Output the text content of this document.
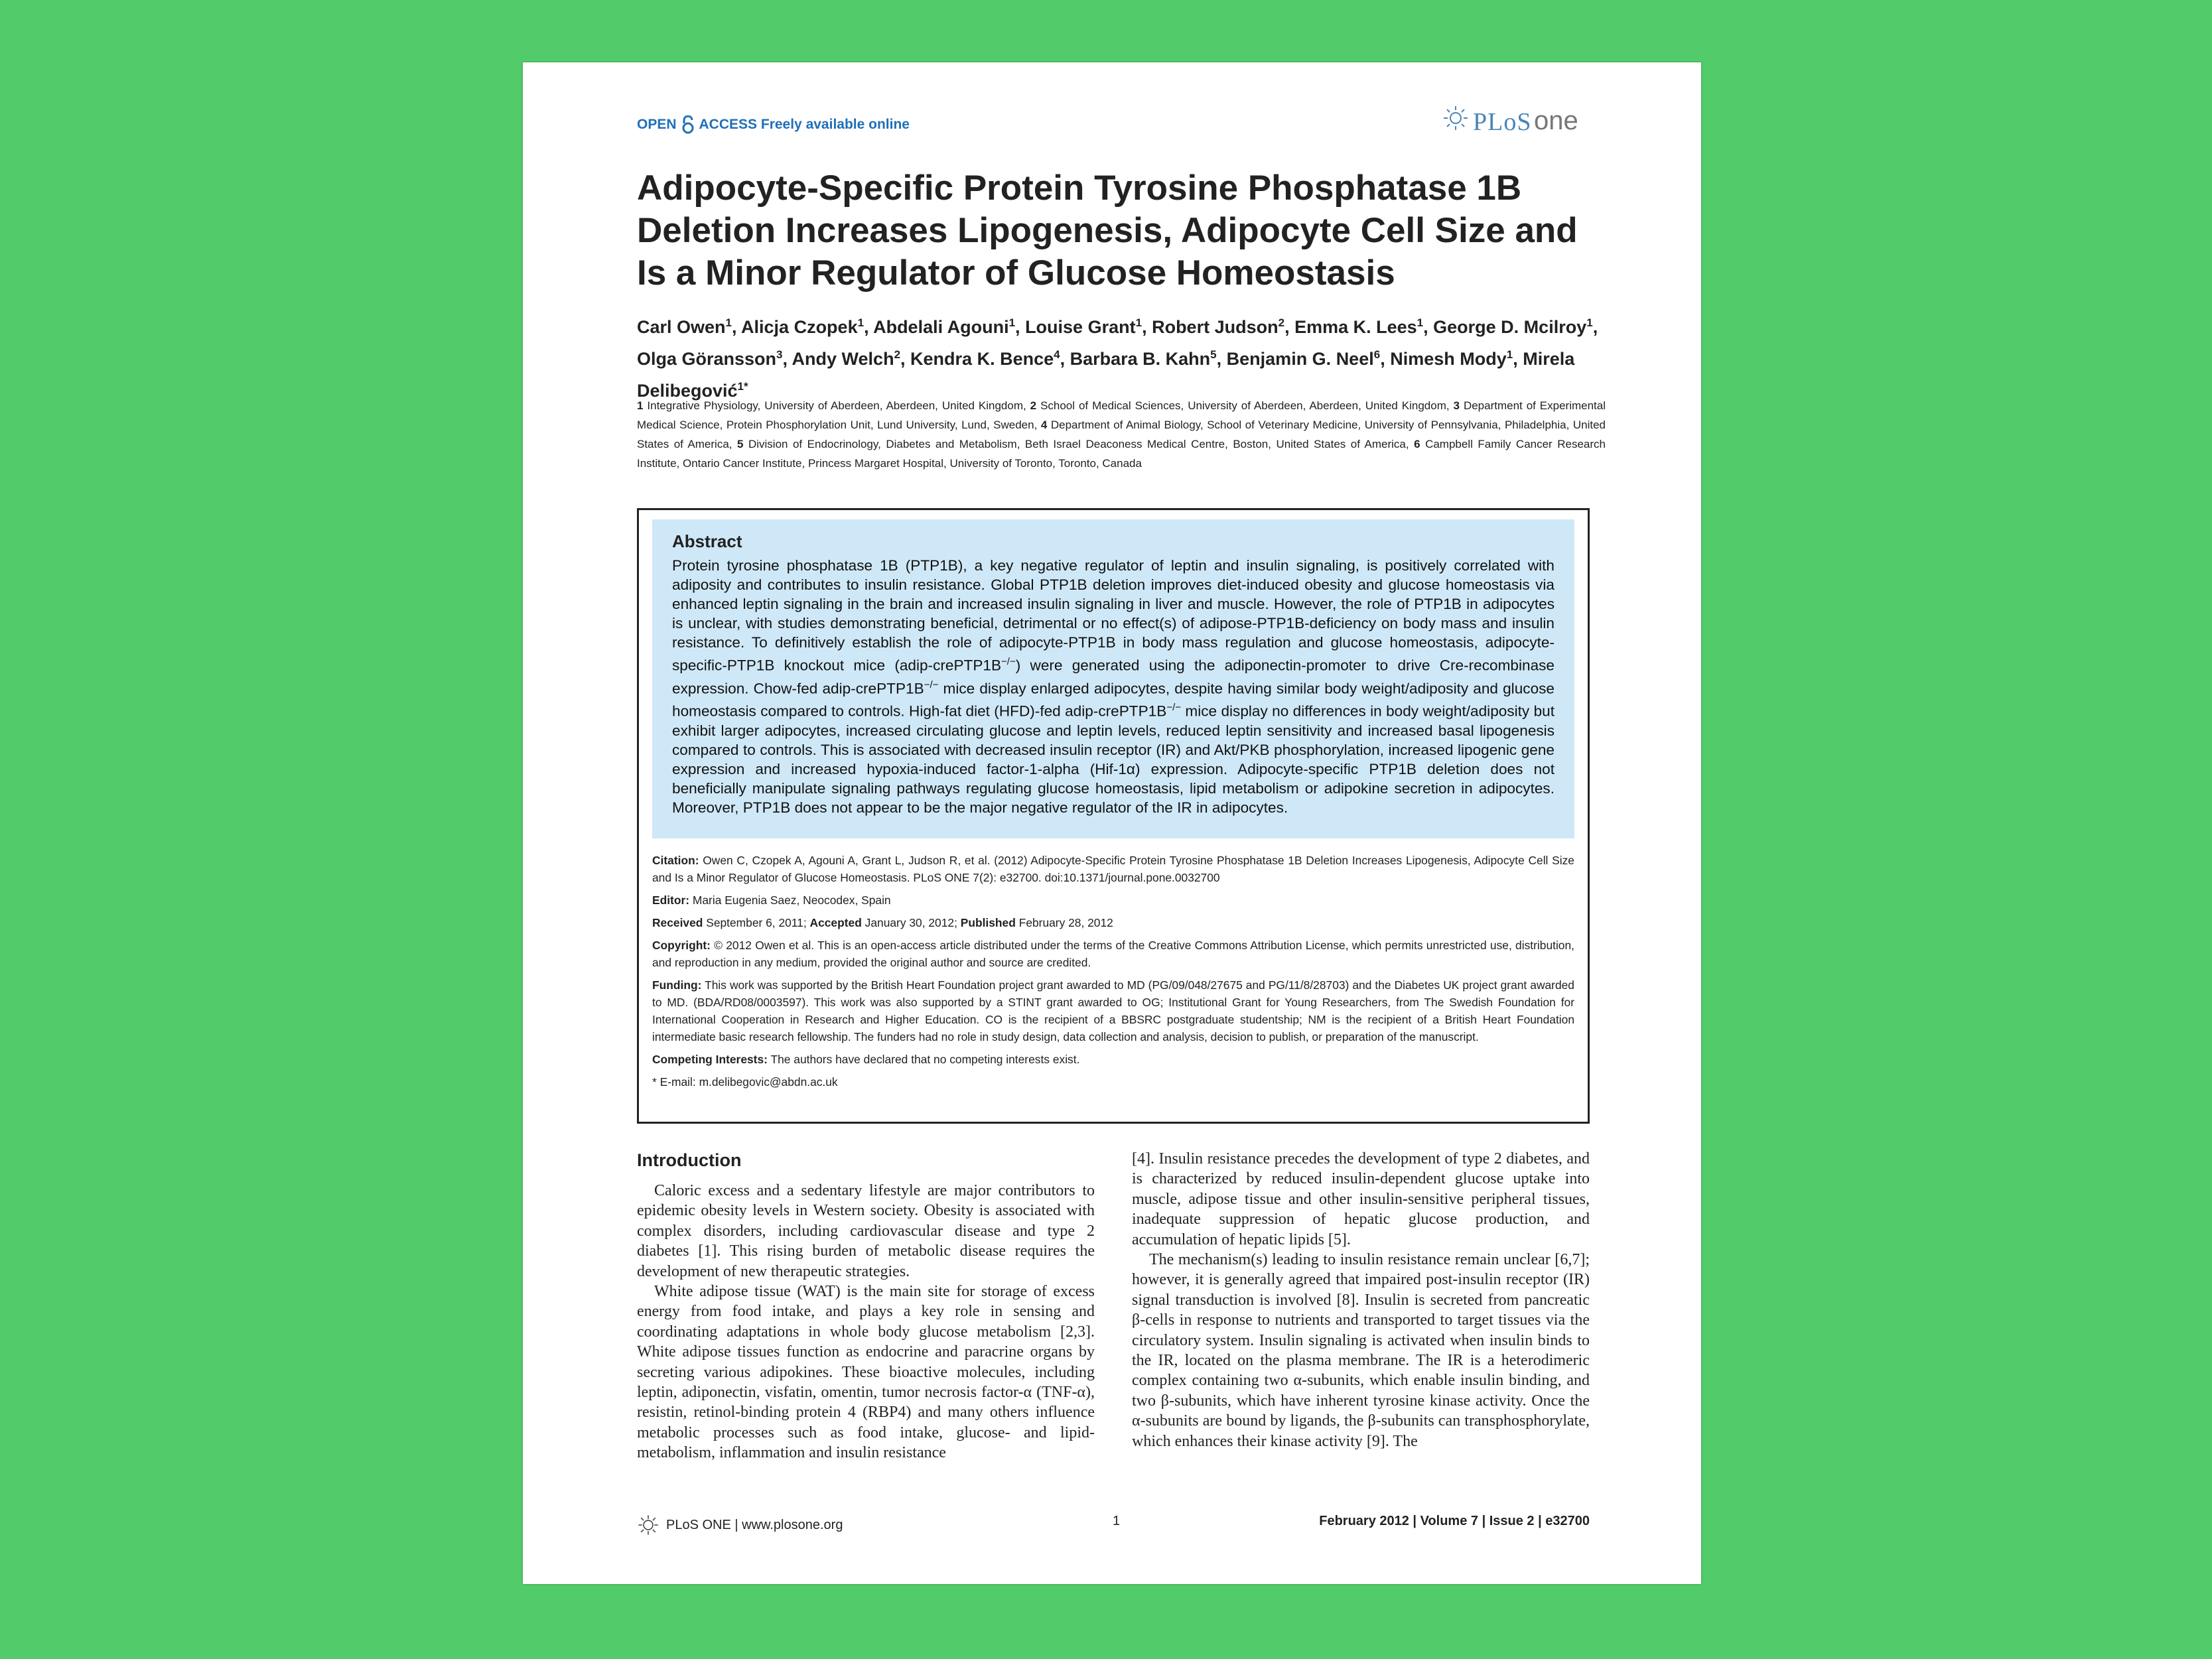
OPEN ACCESS Freely available online	PLoS one
Adipocyte-Specific Protein Tyrosine Phosphatase 1B Deletion Increases Lipogenesis, Adipocyte Cell Size and Is a Minor Regulator of Glucose Homeostasis
Carl Owen$^1$, Alicja Czopek$^1$, Abdelali Agouni$^1$, Louise Grant$^1$, Robert Judson$^2$, Emma K. Lees$^1$, George D. Mcilroy$^1$, Olga Göransson$^3$, Andy Welch$^2$, Kendra K. Bence$^4$, Barbara B. Kahn$^5$, Benjamin G. Neel$^6$, Nimesh Mody$^1$, Mirela Delibegović$^{1*}$
1 Integrative Physiology, University of Aberdeen, Aberdeen, United Kingdom, 2 School of Medical Sciences, University of Aberdeen, Aberdeen, United Kingdom, 3 Department of Experimental Medical Science, Protein Phosphorylation Unit, Lund University, Lund, Sweden, 4 Department of Animal Biology, School of Veterinary Medicine, University of Pennsylvania, Philadelphia, United States of America, 5 Division of Endocrinology, Diabetes and Metabolism, Beth Israel Deaconess Medical Centre, Boston, United States of America, 6 Campbell Family Cancer Research Institute, Ontario Cancer Institute, Princess Margaret Hospital, University of Toronto, Toronto, Canada
Abstract
Protein tyrosine phosphatase 1B (PTP1B), a key negative regulator of leptin and insulin signaling, is positively correlated with adiposity and contributes to insulin resistance. Global PTP1B deletion improves diet-induced obesity and glucose homeostasis via enhanced leptin signaling in the brain and increased insulin signaling in liver and muscle. However, the role of PTP1B in adipocytes is unclear, with studies demonstrating beneficial, detrimental or no effect(s) of adipose-PTP1B-deficiency on body mass and insulin resistance. To definitively establish the role of adipocyte-PTP1B in body mass regulation and glucose homeostasis, adipocyte-specific-PTP1B knockout mice (adip-crePTP1B−/−) were generated using the adiponectin-promoter to drive Cre-recombinase expression. Chow-fed adip-crePTP1B−/− mice display enlarged adipocytes, despite having similar body weight/adiposity and glucose homeostasis compared to controls. High-fat diet (HFD)-fed adip-crePTP1B−/− mice display no differences in body weight/adiposity but exhibit larger adipocytes, increased circulating glucose and leptin levels, reduced leptin sensitivity and increased basal lipogenesis compared to controls. This is associated with decreased insulin receptor (IR) and Akt/PKB phosphorylation, increased lipogenic gene expression and increased hypoxia-induced factor-1-alpha (Hif-1α) expression. Adipocyte-specific PTP1B deletion does not beneficially manipulate signaling pathways regulating glucose homeostasis, lipid metabolism or adipokine secretion in adipocytes. Moreover, PTP1B does not appear to be the major negative regulator of the IR in adipocytes.

Citation: Owen C, Czopek A, Agouni A, Grant L, Judson R, et al. (2012) Adipocyte-Specific Protein Tyrosine Phosphatase 1B Deletion Increases Lipogenesis, Adipocyte Cell Size and Is a Minor Regulator of Glucose Homeostasis. PLoS ONE 7(2): e32700. doi:10.1371/journal.pone.0032700

Editor: Maria Eugenia Saez, Neocodex, Spain

Received September 6, 2011; Accepted January 30, 2012; Published February 28, 2012

Copyright: © 2012 Owen et al. This is an open-access article distributed under the terms of the Creative Commons Attribution License, which permits unrestricted use, distribution, and reproduction in any medium, provided the original author and source are credited.

Funding: This work was supported by the British Heart Foundation project grant awarded to MD (PG/09/048/27675 and PG/11/8/28703) and the Diabetes UK project grant awarded to MD. (BDA/RD08/0003597). This work was also supported by a STINT grant awarded to OG; Institutional Grant for Young Researchers, from The Swedish Foundation for International Cooperation in Research and Higher Education. CO is the recipient of a BBSRC postgraduate studentship; NM is the recipient of a British Heart Foundation intermediate basic research fellowship. The funders had no role in study design, data collection and analysis, decision to publish, or preparation of the manuscript.

Competing Interests: The authors have declared that no competing interests exist.

* E-mail: m.delibegovic@abdn.ac.uk

Introduction

Caloric excess and a sedentary lifestyle are major contributors to epidemic obesity levels in Western society. Obesity is associated with complex disorders, including cardiovascular disease and type 2 diabetes [1]. This rising burden of metabolic disease requires the development of new therapeutic strategies.

White adipose tissue (WAT) is the main site for storage of excess energy from food intake, and plays a key role in sensing and coordinating adaptations in whole body glucose metabolism [2,3]. White adipose tissues function as endocrine and paracrine organs by secreting various adipokines. These bioactive molecules, including leptin, adiponectin, visfatin, omentin, tumor necrosis factor-α (TNF-α), resistin, retinol-binding protein 4 (RBP4) and many others influence metabolic processes such as food intake, glucose- and lipid-metabolism, inflammation and insulin resistance

[4]. Insulin resistance precedes the development of type 2 diabetes, and is characterized by reduced insulin-dependent glucose uptake into muscle, adipose tissue and other insulin-sensitive peripheral tissues, inadequate suppression of hepatic glucose production, and accumulation of hepatic lipids [5].

The mechanism(s) leading to insulin resistance remain unclear [6,7]; however, it is generally agreed that impaired post-insulin receptor (IR) signal transduction is involved [8]. Insulin is secreted from pancreatic β-cells in response to nutrients and transported to target tissues via the circulatory system. Insulin signaling is activated when insulin binds to the IR, located on the plasma membrane. The IR is a heterodimeric complex containing two α-subunits, which enable insulin binding, and two β-subunits, which have inherent tyrosine kinase activity. Once the α-subunits are bound by ligands, the β-subunits can transphosphorylate, which enhances their kinase activity [9]. The

PLoS ONE | www.plosone.org	1	February 2012 | Volume 7 | Issue 2 | e32700
